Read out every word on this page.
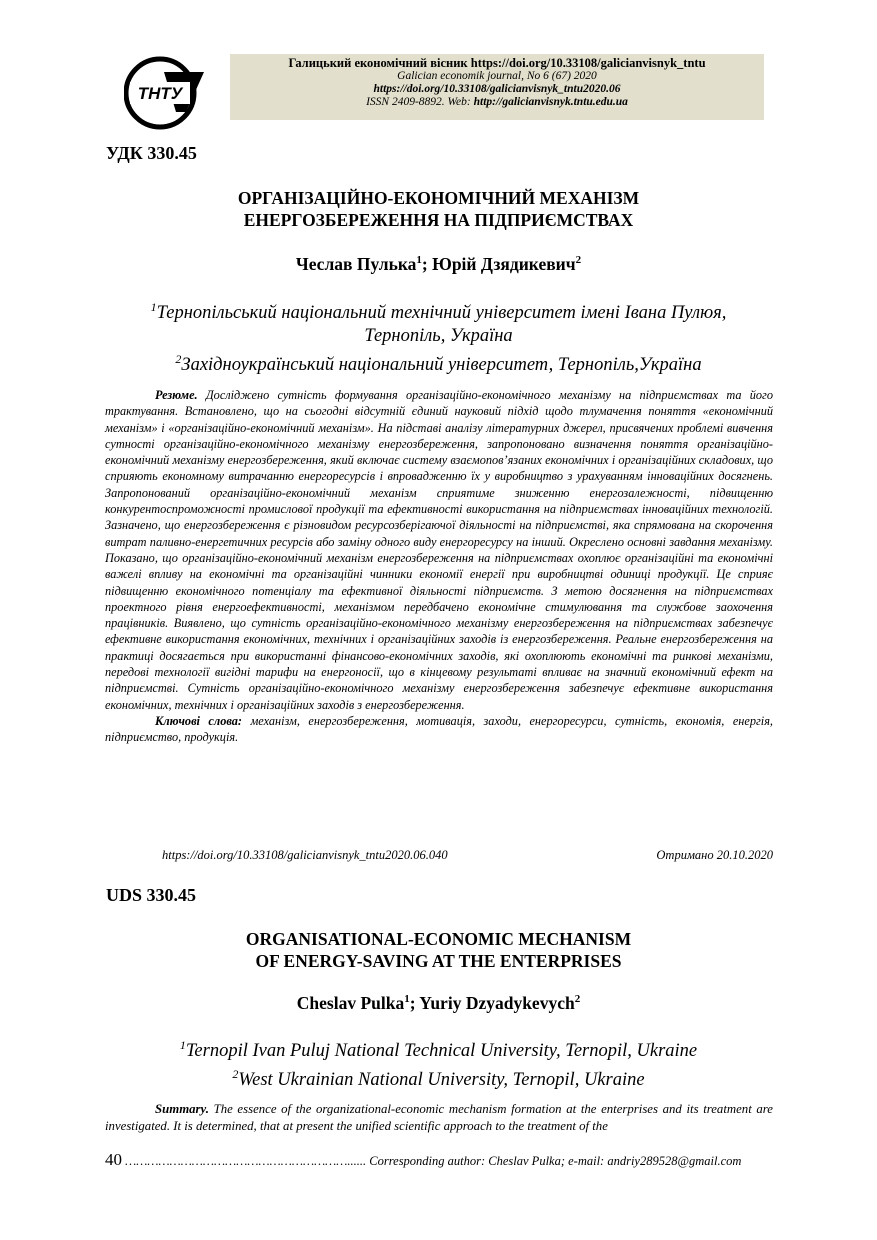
ТНТУ
Галицький економічний вісник https://doi.org/10.33108/galicianvisnyk_tntu
Galician economik journal, No 6 (67) 2020
https://doi.org/10.33108/galicianvisnyk_tntu2020.06
ISSN 2409-8892. Web: http://galicianvisnyk.tntu.edu.ua
УДК 330.45
ОРГАНІЗАЦІЙНО-ЕКОНОМІЧНИЙ МЕХАНІЗМ
ЕНЕРГОЗБЕРЕЖЕННЯ НА ПІДПРИЄМСТВАХ
Чеслав Пулька$^1$; Юрій Дзядикевич$^2$
$^1$Тернопільський національний технічний університет імені Івана Пулюя,
Тернопіль, Україна
$^2$Західноукраїнський національний університет, Тернопіль,Україна
Резюме. Досліджено сутність формування організаційно-економічного механізму на підприємствах та його трактування. Встановлено, що на сьогодні відсутній єдиний науковий підхід щодо тлумачення поняття «економічний механізм» і «організаційно-економічний механізм». На підставі аналізу літературних джерел, присвячених проблемі вивчення сутності організаційно-економічного механізму енергозбереження, запропоновано визначення поняття організаційно-економічний механізму енергозбереження, який включає систему взаємопов’язаних економічних і організаційних складових, що сприяють економному витрачанню енергоресурсів і впровадженню їх у виробництво з урахуванням інноваційних досягнень. Запропонований організаційно-економічний механізм сприятиме зниженню енергозалежності, підвищенню конкурентоспроможності промислової продукції та ефективності використання на підприємствах інноваційних технологій. Зазначено, що енергозбереження є різновидом ресурсозберігаючої діяльності на підприємстві, яка спрямована на скорочення витрат паливно-енергетичних ресурсів або заміну одного виду енергоресурсу на інший. Окреслено основні завдання механізму. Показано, що організаційно-економічний механізм енергозбереження на підприємствах охоплює організаційні та економічні важелі впливу на економічні та організаційні чинники економії енергії при виробництві одиниці продукції. Це сприяє підвищенню економічного потенціалу та ефективної діяльності підприємств. З метою досягнення на підприємствах проектного рівня енергоефективності, механізмом передбачено економічне стимулювання та службове заохочення працівників. Виявлено, що сутність організаційно-економічного механізму енергозбереження на підприємствах забезпечує ефективне використання економічних, технічних і організаційних заходів із енергозбереження. Реальне енергозбереження на практиці досягається при використанні фінансово-економічних заходів, які охоплюють економічні та ринкові механізми, передові технології вигідні тарифи на енергоносії, що в кінцевому результаті впливає на значний економічний ефект на підприємстві. Сутність організаційно-економічного механізму енергозбереження забезпечує ефективне використання економічних, технічних і організаційних заходів з енергозбереження.
Ключові слова: механізм, енергозбереження, мотивація, заходи, енергоресурси, сутність, економія, енергія, підприємство, продукція.
https://doi.org/10.33108/galicianvisnyk_tntu2020.06.040	Отримано 20.10.2020
UDS 330.45
ORGANISATIONAL-ECONOMIC MECHANISM
OF ENERGY-SAVING AT THE ENTERPRISES
Cheslav Pulka$^1$; Yuriy Dzyadykevych$^2$
$^1$Ternopil Ivan Puluj National Technical University, Ternopil, Ukraine
$^2$West Ukrainian National University, Ternopil, Ukraine
Summary. The essence of the organizational-economic mechanism formation at the enterprises and its treatment are investigated. It is determined, that at present the unified scientific approach to the treatment of the
40 ……………………………………………………...... Corresponding author: Cheslav Pulka; e-mail: andriy289528@gmail.com
